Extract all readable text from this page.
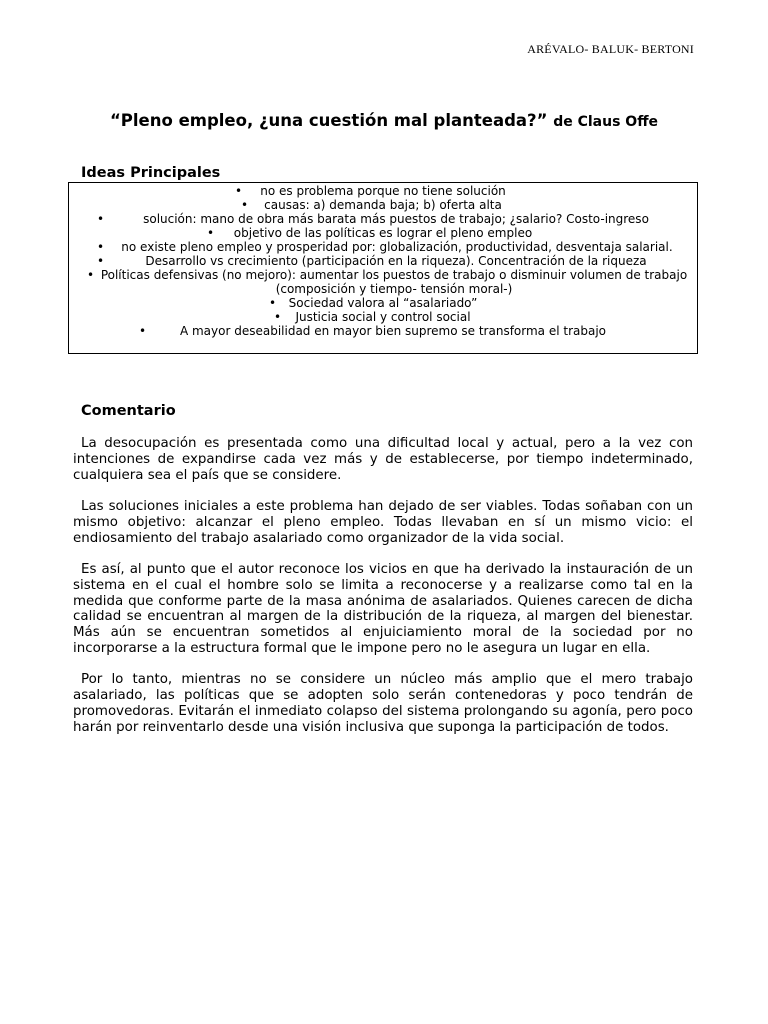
ARÉVALO- BALUK- BERTONI
“Pleno empleo, ¿una cuestión mal planteada?” de Claus Offe
Ideas Principales
• no es problema porque no tiene solución
• causas: a) demanda baja; b) oferta alta
•	solución: mano de obra más barata más puestos de trabajo; ¿salario? Costo-ingreso
• objetivo de las políticas es lograr el pleno empleo
• no existe pleno empleo y prosperidad por: globalización, productividad, desventaja salarial.
•	Desarrollo vs crecimiento (participación en la riqueza). Concentración de la riqueza
• Políticas defensivas (no mejoro): aumentar los puestos de trabajo o disminuir volumen de trabajo (composición y tiempo- tensión moral-)
• Sociedad valora al “asalariado”
• Justicia social y control social
•	A mayor deseabilidad en mayor bien supremo se transforma el trabajo
Comentario

La desocupación es presentada como una dificultad local y actual, pero a la vez con intenciones de expandirse cada vez más y de establecerse, por tiempo indeterminado, cualquiera sea el país que se considere.

Las soluciones iniciales a este problema han dejado de ser viables. Todas soñaban con un mismo objetivo: alcanzar el pleno empleo. Todas llevaban en sí un mismo vicio: el endiosamiento del trabajo asalariado como organizador de la vida social.

Es así, al punto que el autor reconoce los vicios en que ha derivado la instauración de un sistema en el cual el hombre solo se limita a reconocerse y a realizarse como tal en la medida que conforme parte de la masa anónima de asalariados. Quienes carecen de dicha calidad se encuentran al margen de la distribución de la riqueza, al margen del bienestar. Más aún se encuentran sometidos al enjuiciamiento moral de la sociedad por no incorporarse a la estructura formal que le impone pero no le asegura un lugar en ella.

Por lo tanto, mientras no se considere un núcleo más amplio que el mero trabajo asalariado, las políticas que se adopten solo serán contenedoras y poco tendrán de promovedoras. Evitarán el inmediato colapso del sistema prolongando su agonía, pero poco harán por reinventarlo desde una visión inclusiva que suponga la participación de todos.
